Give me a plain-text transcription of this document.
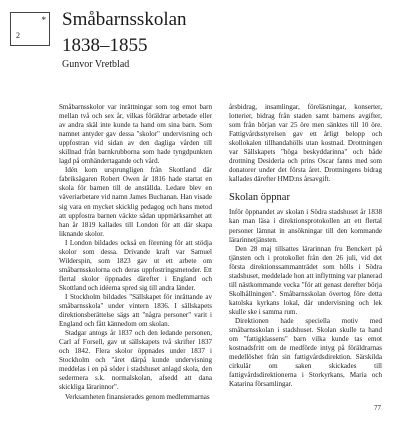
2
* Småbarnsskolan
1838–1855
Gunvor Vretblad

Småbarnsskolor var inrättningar som tog emot barn mellan två och sex år, vilkas föräldrar arbetade eller av andra skäl inte kunde ta hand om sina barn. Som namnet antyder gav dessa "skolor" undervisning och uppfostran vid sidan av den dagliga vården till skillnad från barnkrubborna som hade tyngdpunkten lagd på omhändertagande och vård.

Idén kom ursprungligen från Skottland där fabriksägaren Robert Owen år 1816 hade startat en skola för barnen till de anställda. Ledare blev en väveriarbetare vid namn James Buchanan. Han visade sig vara en mycket skicklig pedagog och hans metod att uppfostra barnen väckte sådan uppmärksamhet att han år 1819 kallades till London för att där skapa liknande skolor.

I London bildades också en förening för att stödja skolor som dessa. Drivande kraft var Samuel Wilderspin, som 1823 gav ut ett arbete om småbarnsskolorna och deras uppfostringsmetoder. Ett flertal skolor öppnades därefter i England och Skottland och idéerna spred sig till andra länder.

I Stockholm bildades "Sällskapet för inrättande av småbarnsskola" under vintern 1836. I sällskapets direktionsberättelse sägs att "några personer" varit i England och fått kännedom om skolan.

Stadgar antogs år 1837 och den ledande personen, Carl af Forsell, gav ut sällskapets två skrifter 1837 och 1842. Flera skolor öppnades under 1837 i Stockholm och "året därpå kunde undervisning meddelas i en på söder i stadshuset anlagd skola, den sedermera s.k. normalskolan, afsedd att dana skickliga lärarinnor".

Verksamheten finansierades genom medlemmarnas

årsbidrag, insamlingar, föreläsningar, konserter, lotterier, bidrag från staden samt barnens avgifter, som från början var 25 öre men sänktes till 10 öre. Fattigvårdsstyrelsen gav ett årligt belopp och skollokalen tillhandahölls utan kostnad. Drottningen var Sällskapets "höga beskyddarinna" och både drottning Desideria och prins Oscar fanns med som donatorer under det första året. Drottningens bidrag kallades därefter HMD:ns årsavgift.

Skolan öppnar

Inför öppnandet av skolan i Södra stadshuset år 1838 kan man läsa i direktionsprotokollen att ett flertal personer lämnat in ansökningar till den kommande lärarinnetjänsten.

Den 28 maj tillsattes lärarinnan fru Benckert på tjänsten och i protokollet från den 26 juli, vid det första direktionssammanträdet som hölls i Södra stadshuset, meddelade hon att inflyttning var planerad till nästkommande vecka "för att genast derefter börja Skolhållningen". Småbarnsskolan övertog före detta katolska kyrkans lokal, där undervisning och lek skulle ske i samma rum.

Direktionen hade speciella motiv med småbarnsskolan i stadshuset. Skolan skulle ta hand om "fattigklassens" barn vilka kunde tas emot kostnadsfritt om de medförde intyg på föräldrarnas medellöshet från sin fattigvårdsdirektion. Särskilda cirkulär om saken skickades till fattigvårdsdirektionerna i Storkyrkans, Maria och Katarina församlingar.

77
